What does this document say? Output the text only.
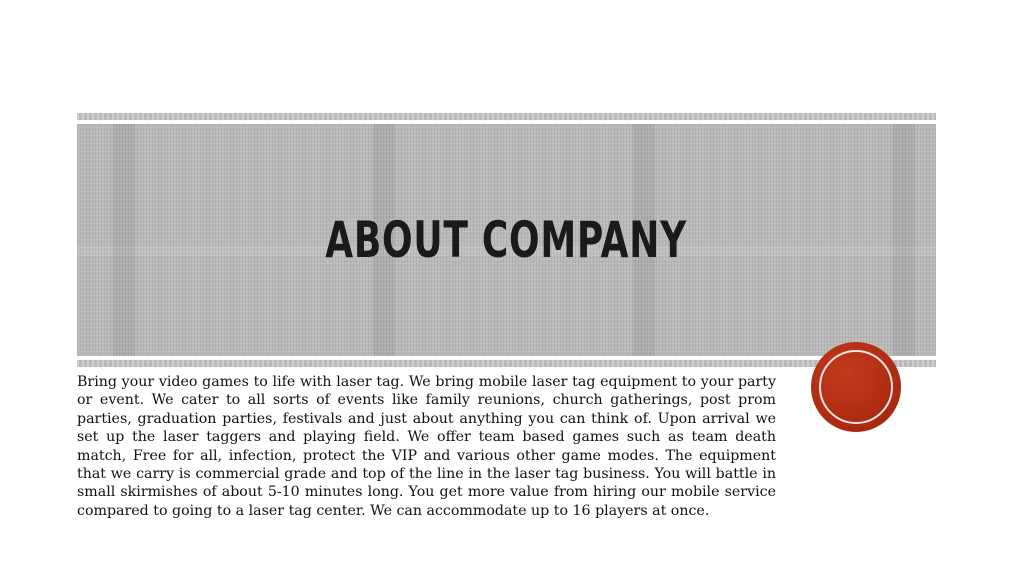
ABOUT COMPANY

Bring your video games to life with laser tag. We bring mobile laser tag equipment to your party or event. We cater to all sorts of events like family reunions, church gatherings, post prom parties, graduation parties, festivals and just about anything you can think of. Upon arrival we set up the laser taggers and playing field. We offer team based games such as team death match, Free for all, infection, protect the VIP and various other game modes. The equipment that we carry is commercial grade and top of the line in the laser tag business. You will battle in small skirmishes of about 5-10 minutes long. You get more value from hiring our mobile service compared to going to a laser tag center. We can accommodate up to 16 players at once.
